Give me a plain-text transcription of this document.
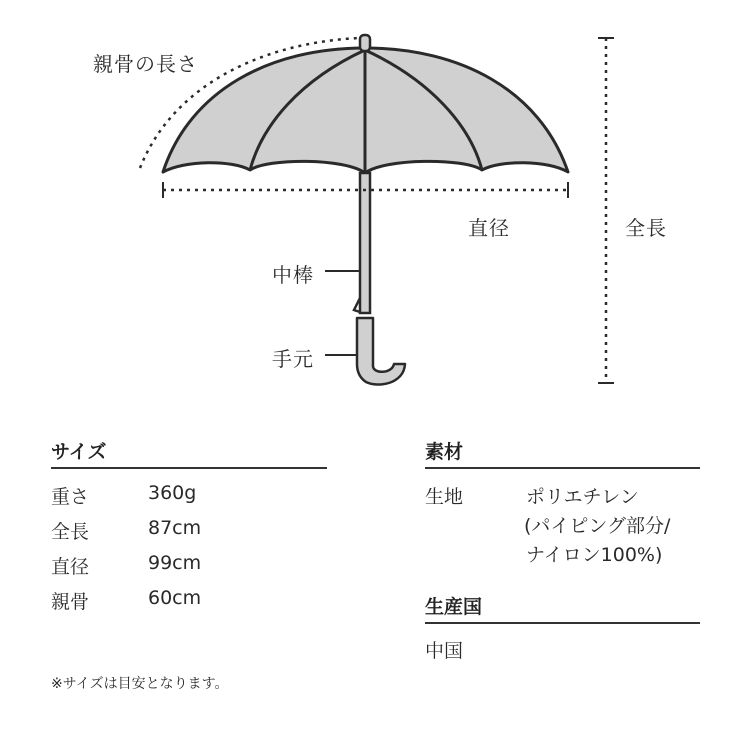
親骨の長さ
直径	全長
中棒
手元
サイズ
重さ	360g
全長	87cm
直径	99cm
親骨	60cm
素材
生地	ポリエチレン
(パイピング部分/
ナイロン100%)
生産国
中国
※サイズは目安となります。
